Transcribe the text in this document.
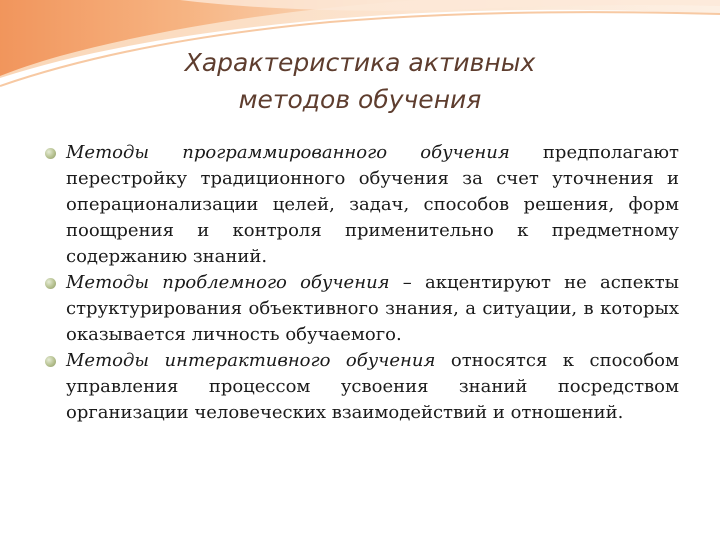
Характеристика активных
методов обучения
Методы программированного обучения предполагают перестройку традиционного обучения за счет уточнения и операционализации целей, задач, способов решения, форм поощрения и контроля применительно к предметному содержанию знаний.
Методы проблемного обучения – акцентируют не аспекты структурирования объективного знания, а ситуации, в которых оказывается личность обучаемого.
Методы интерактивного обучения относятся к способом управления процессом усвоения знаний посредством организации человеческих взаимодействий и отношений.
